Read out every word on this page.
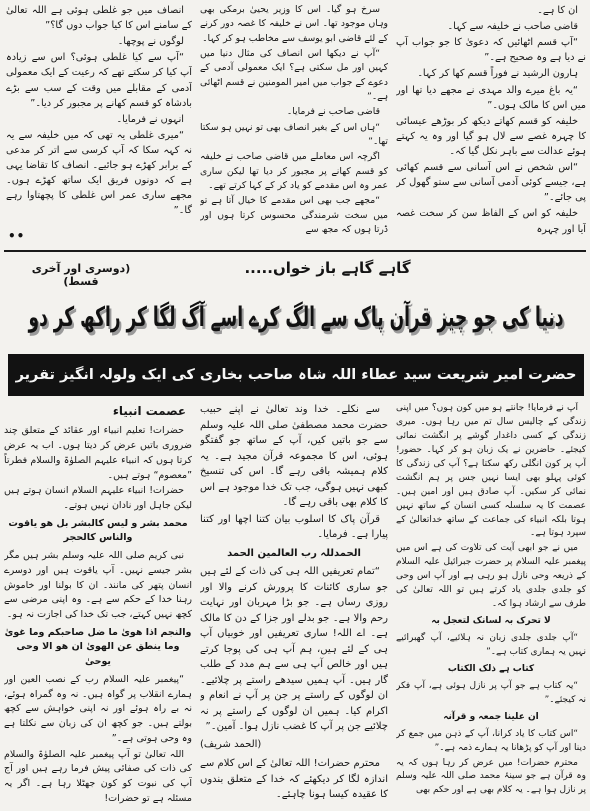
ان کا ہے۔

قاضی صاحب نے خلیفہ سے کہا۔

“آپ قسم اٹھائیں کہ دعویٰ کا جو جواب آپ نے دیا ہے وہ صحیح ہے۔”

ہارون الرشید نے فوراً قسم کھا کر کہا۔

“یہ باغ میرے والد مہدی نے مجھے دیا تھا اور میں اس کا مالک ہوں۔”

خلیفہ کو قسم کھاتے دیکھ کر بوڑھے عیسائی کا چہرہ غصے سے لال ہو گیا اور وہ یہ کہتے ہوئے عدالت سے باہر نکل گیا کہ۔

“اس شخص نے اس آسانی سے قسم کھائی ہے، جیسے کوئی آدمی آسانی سے ستو گھول کر پی جائے۔”

خلیفہ کو اس کے الفاظ سن کر سخت غصہ آیا اور چہرہ

سرخ ہو گیا۔ اس کا وزیر یحییٰ برمکی بھی وہاں موجود تھا۔ اس نے خلیفہ کا غصہ دور کرنے کے لئے قاضی ابو یوسف سے مخاطب ہو کر کہا۔

“آپ نے دیکھا اس انصاف کی مثال دنیا میں کہیں اور مل سکتی ہے؟ ایک معمولی آدمی کے دعوے کے جواب میں امیر المومنین نے قسم اٹھائی ہے۔”

قاضی صاحب نے فرمایا۔

“ہاں اس کے بغیر انصاف بھی تو نہیں ہو سکتا تھا۔”

اگرچہ اس معاملے میں قاضی صاحب نے خلیفہ کو قسم کھانے پر مجبور کر دیا تھا لیکن ساری عمر وہ اس مقدمے کو یاد کر کے کہا کرتے تھے۔

“مجھے جب بھی اس مقدمے کا خیال آتا ہے تو میں سخت شرمندگی محسوس کرتا ہوں اور ڈرتا ہوں کہ مجھ سے

انصاف میں جو غلطی ہوئی ہے اللہ تعالیٰ کے سامنے اس کا کیا جواب دوں گا؟”

لوگوں نے پوچھا۔

“آپ سے کیا غلطی ہوئی؟ اس سے زیادہ آپ کیا کر سکتے تھے کہ رعیت کے ایک معمولی آدمی کے مقابلے میں وقت کے سب سے بڑے بادشاہ کو قسم کھانے پر مجبور کر دیا۔”

انہوں نے فرمایا۔

“میری غلطی یہ تھی کہ میں خلیفہ سے یہ نہ کہہ سکا کہ آپ کرسی سے اتر کر مدعی کے برابر کھڑے ہو جائیے۔ انصاف کا تقاضا یہی ہے کہ دونوں فریق ایک ساتھ کھڑے ہوں۔ مجھے ساری عمر اس غلطی کا پچھتاوا رہے گا۔”

••
(دوسری اور آخری قسط)
گاہے گاہے باز خواں.....
دنیا کی جو چیز قرآن پاک سے الگ کرے اسے آگ لگا کر راکھ کر دو
حضرت امیر شریعت سید عطاء اللہ شاہ صاحب بخاری کی ایک ولولہ انگیز تقریر

آپ نے فرمایا! جانتے ہو میں کون ہوں؟ میں اپنی زندگی کے چالیس سال تم میں رہا ہوں۔ میری زندگی کے کسی داغدار گوشے پر انگشت نمائی کیجئے۔ حاضرین نے یک زبان ہو کر کہا۔ حضور! آپ پر کون انگلی رکھ سکتا ہے؟ آپ کی زندگی کا کوئی پہلو بھی ایسا نہیں جس پر ہم انگشت نمائی کر سکیں۔ آپ صادق ہیں اور امین ہیں۔ عصمت کا یہ سلسلہ کسی انسان کے ساتھ نہیں ہوتا بلکہ انبیاء کی جماعت کے ساتھ خداتعالیٰ کے سپرد ہوتا ہے۔

میں نے جو ابھی آیت کی تلاوت کی ہے اس میں پیغمبر علیہ السلام پر حضرت جبرائیل علیہ السلام کے ذریعہ وحی نازل ہو رہی ہے اور آپ اس وحی کو جلدی جلدی یاد کرتے ہیں تو اللہ تعالیٰ کی طرف سے ارشاد ہوا کہ۔

لا تحرک بہ لسانک لتعجل بہ

“آپ جلدی جلدی زبان نہ ہلائیے، آپ گھبرائیے نہیں یہ ہماری کتاب ہے۔”

کتاب ہے ذلک الکتاب

“یہ کتاب ہے جو آپ پر نازل ہوئی ہے، آپ فکر نہ کیجئے۔”

ان علینا جمعہ و قرآنہ

“اس کتاب کا یاد کرانا، آپ کے ذہن میں جمع کر دینا اور آپ کو پڑھانا یہ ہمارے ذمہ ہے۔”

محترم حضرات! میں عرض کر رہا ہوں کہ یہ وہ قرآن ہے جو سینۂ محمد صلی اللہ علیہ وسلم پر نازل ہوا ہے۔ یہ کلام بھی ہے اور حکم بھی

سے نکلے۔ خدا وند تعالیٰ نے اپنے حبیب حضرت محمد مصطفیٰ صلی اللہ علیہ وسلم سے جو باتیں کیں، آپ کے ساتھ جو گفتگو ہوئی، اس کا مجموعہ قرآن مجید ہے۔ یہ کلام ہمیشہ باقی رہے گا۔ اس کی تنسیخ کبھی نہیں ہوگی، جب تک خدا موجود ہے اس کا کلام بھی باقی رہے گا۔

قرآن پاک کا اسلوب بیان کتنا اچھا اور کتنا پیارا ہے۔ فرمایا۔

الحمدللہ رب العالمین الحمد

“تمام تعریفیں اللہ ہی کی ذات کے لئے ہیں جو ساری کائنات کا پرورش کرنے والا اور روزی رساں ہے۔ جو بڑا مہربان اور نہایت رحم والا ہے۔ جو بدلے اور جزا کے دن کا مالک ہے۔ اے اللہ! ساری تعریفیں اور خوبیاں آپ ہی کے لئے ہیں، ہم آپ ہی کی پوجا کرتے ہیں اور خالص آپ ہی سے ہم مدد کے طلب گار ہیں۔ آپ ہمیں سیدھے راستے پر چلائیے۔ ان لوگوں کے راستے پر جن پر آپ نے انعام و اکرام کیا۔ ہمیں ان لوگوں کے راستے پر نہ چلائیے جن پر آپ کا غضب نازل ہوا۔ آمین۔”

(الحمد شریف)

محترم حضرات! اللہ تعالیٰ کے اس کلام سے اندازہ لگا کر دیکھئے کہ خدا کے متعلق بندوں کا عقیدہ کیسا ہونا چاہئے۔

عصمت انبیاء

حضرات! تعلیم انبیاء اور عقائد کے متعلق چند ضروری باتیں عرض کر دیتا ہوں۔ اب یہ عرض کرتا ہوں کہ انبیاء علیہم الصلوٰۃ والسلام فطرتاً ”معصوم“ ہوتے ہیں۔

حضرات! انبیاء علیہم السلام انسان ہوتے ہیں لیکن جاہل اور نادان نہیں ہوتے۔

محمد بشر و لیس کالبشر بل ھو یاقوت والناس کالحجر

نبی کریم صلی اللہ علیہ وسلم بشر ہیں مگر بشر جیسے نہیں۔ آپ یاقوت ہیں اور دوسرے انسان پتھر کی مانند۔ ان کا بولنا اور خاموش رہنا خدا کے حکم سے ہے۔ وہ اپنی مرضی سے کچھ نہیں کہتے، جب تک خدا کی اجازت نہ ہو۔

والنجم اذا ھویٰ ما ضل صاحبکم وما غویٰ وما ینطق عن الھویٰ ان ھو الا وحی یوحیٰ

“پیغمبر علیہ السلام رب کے نصب العین اور ہمارے انقلاب پر گواہ ہیں۔ نہ وہ گمراہ ہوئے، نہ بے راہ ہوئے اور نہ اپنی خواہش سے کچھ بولتے ہیں۔ جو کچھ ان کی زبان سے نکلتا ہے وہ وحی ہوتی ہے۔”

اللہ تعالیٰ تو آپ پیغمبر علیہ الصلوٰۃ والسلام کی ذات کی صفائی پیش فرما رہے ہیں اور آج آپ کی نبوت کو کون جھٹلا رہا ہے۔ اگر یہ مسئلہ ہے تو حضرات!
